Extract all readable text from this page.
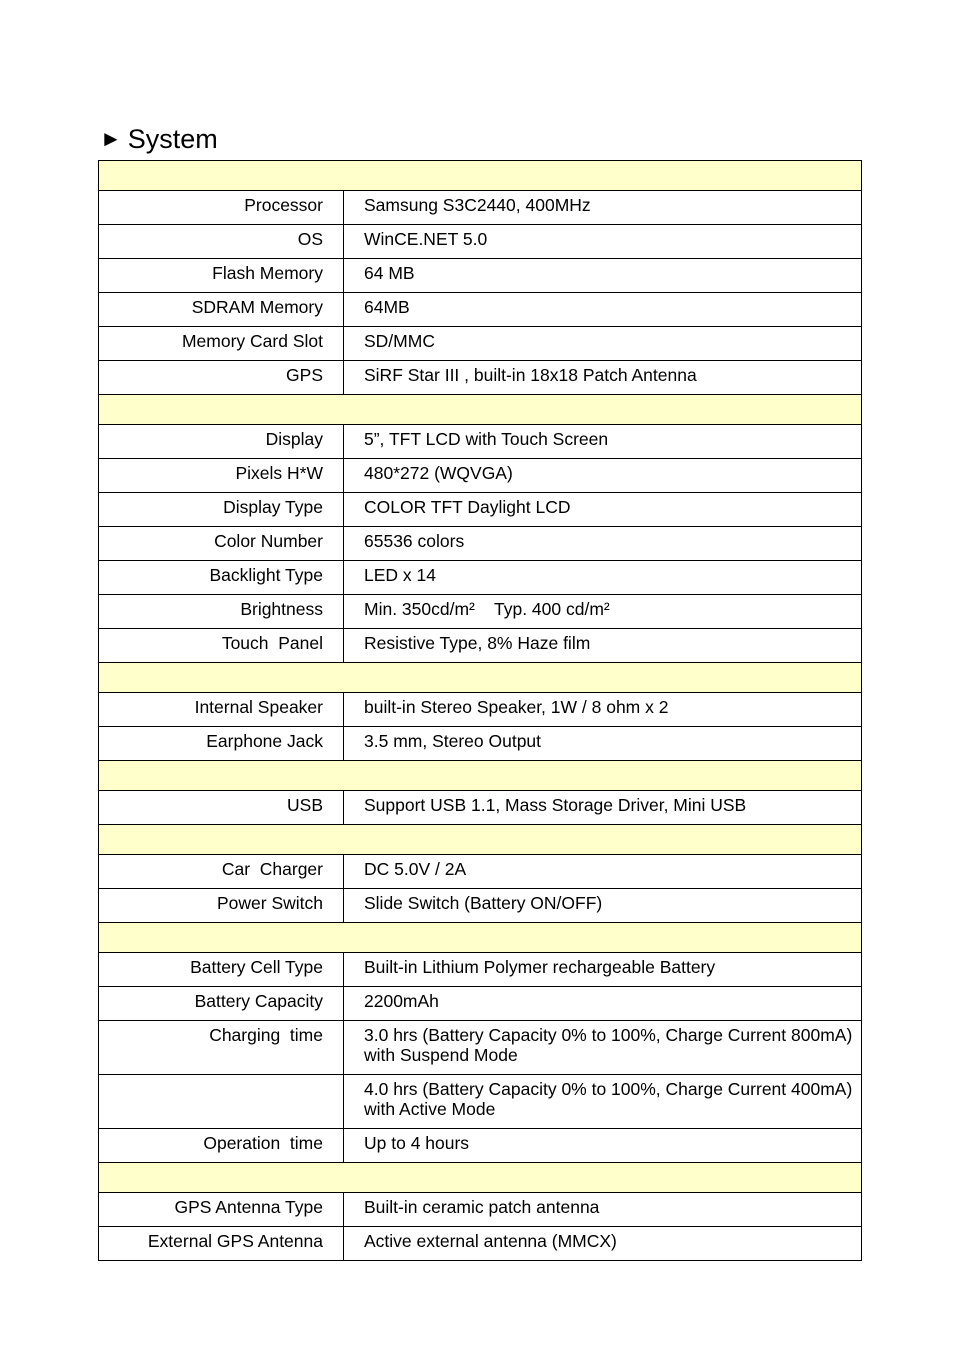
► System

Processor	Samsung S3C2440, 400MHz
OS	WinCE.NET 5.0
Flash Memory	64 MB
SDRAM Memory	64MB
Memory Card Slot	SD/MMC
GPS	SiRF Star III , built-in 18x18 Patch Antenna

Display	5”, TFT LCD with Touch Screen
Pixels H*W	480*272 (WQVGA)
Display Type	COLOR TFT Daylight LCD
Color Number	65536 colors
Backlight Type	LED x 14
Brightness	Min. 350cd/m²    Typ. 400 cd/m²
Touch  Panel	Resistive Type, 8% Haze film

Internal Speaker	built-in Stereo Speaker, 1W / 8 ohm x 2
Earphone Jack	3.5 mm, Stereo Output

USB	Support USB 1.1, Mass Storage Driver, Mini USB

Car  Charger	DC 5.0V / 2A
Power Switch	Slide Switch (Battery ON/OFF)

Battery Cell Type	Built-in Lithium Polymer rechargeable Battery
Battery Capacity	2200mAh
Charging  time	3.0 hrs (Battery Capacity 0% to 100%, Charge Current 800mA) with Suspend Mode
	4.0 hrs (Battery Capacity 0% to 100%, Charge Current 400mA) with Active Mode
Operation  time	Up to 4 hours

GPS Antenna Type	Built-in ceramic patch antenna
External GPS Antenna	Active external antenna (MMCX)
